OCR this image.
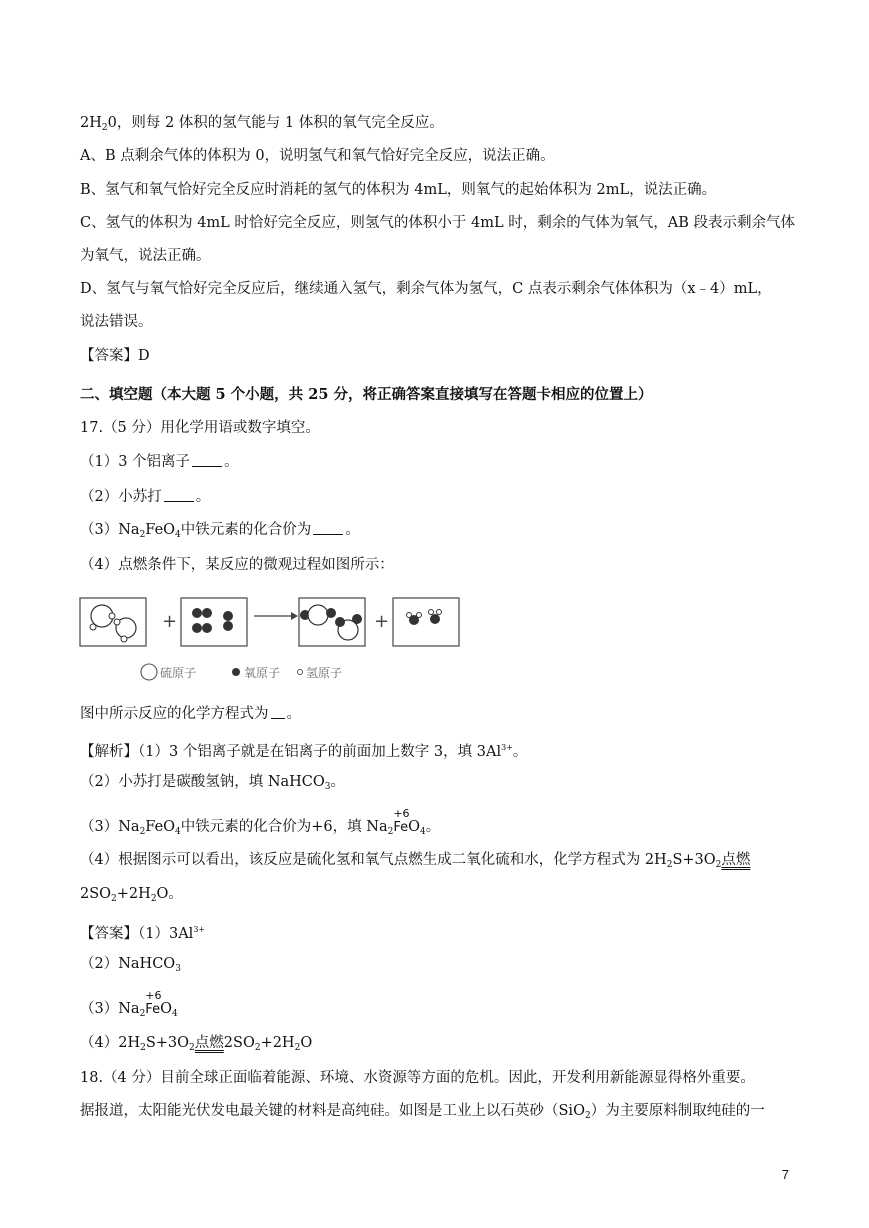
$2H_20$，则每 2 体积的氢气能与 1 体积的氧气完全反应。
A、B 点剩余气体的体积为 0，说明氢气和氧气恰好完全反应，说法正确。
B、氢气和氧气恰好完全反应时消耗的氢气的体积为 4mL，则氧气的起始体积为 2mL，说法正确。
C、氢气的体积为 4mL 时恰好完全反应，则氢气的体积小于 4mL 时，剩余的气体为氧气，AB 段表示剩余气体
为氧气，说法正确。
D、氢气与氧气恰好完全反应后，继续通入氢气，剩余气体为氢气，C 点表示剩余气体体积为（x﹣4）mL，
说法错误。
【答案】D
二、填空题（本大题 5 个小题，共 25 分，将正确答案直接填写在答题卡相应的位置上）
17.（5 分）用化学用语或数字填空。
（1）3 个铝离子 。
（2）小苏打 。
$(3)Na_2FeO_4$中铁元素的化合价为 。
（4）点燃条件下，某反应的微观过程如图所示：
+	+
硫原子	氧原子 氢原子
图中所示反应的化学方程式为 。
【解析】（1）3 个铝离子就是在铝离子的前面加上数字 3，填 $3Al^{3+}$。
（2）小苏打是碳酸氢钠，填 NaHCO$_3$。
$(3)Na_2FeO_4$中铁元素的化合价为+6，填 $Na_2$
+6
FeO$_4$。
（4）根据图示可以看出，该反应是硫化氢和氧气点燃生成二氧化硫和水，化学方程式为 $2H_2S+3O_2$点燃
$2SO_2+2H_2O$。
【答案】$(1)3Al^{3+}$
（2）NaHCO$_3$
$(3)Na_2$
+6
FeO$_4$
$(4)2H_2S+3O_2$点燃$2SO_2+2H_2O$
18.（4 分）目前全球正面临着能源、环境、水资源等方面的危机。因此，开发利用新能源显得格外重要。
据报道，太阳能光伏发电最关键的材料是高纯硅。如图是工业上以石英砂（SiO$_2$）为主要原料制取纯硅的一
7
